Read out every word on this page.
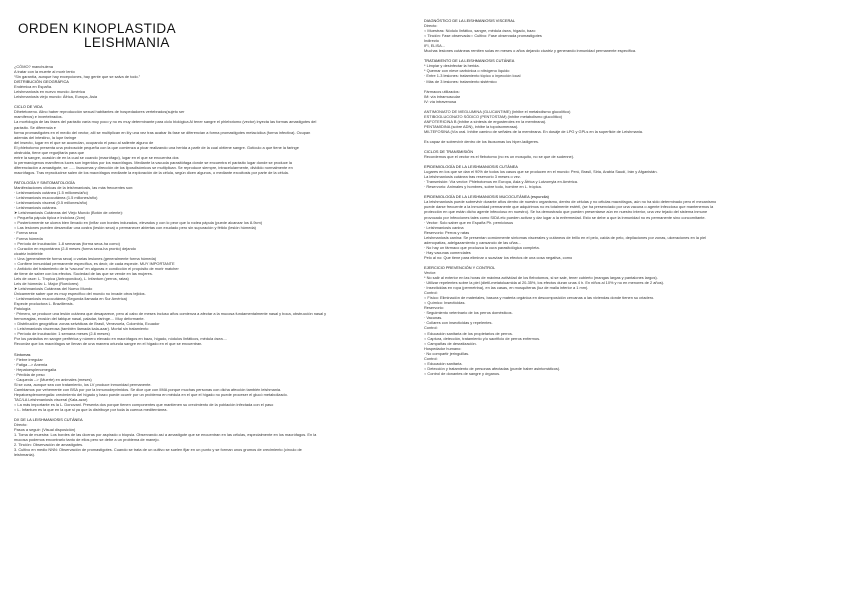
ORDEN KINOPLASTIDA
LEISHMANIA
¿CÓMO? manchulena
A tratar con la muerte al morir lento
“Sin garantía, aunque hay excepciones, hay gente que se salva de todo.”
DISTRIBUCIÓN GEOGRÁFICA
Endémica en España.
Leishmaniosis en nuevo mundo: América
Leishmaniosis viejo mundo: África, Europa, Asia
CICLO DE VIDA
Dihetetoxeno. Alino haber reproducción sexual habitantes de hospedadores vertebrados(sujeto ser
mamíferos) e invertebrados.
La morfología de las fases del parásito varía muy poco y no es muy determinante para ciclo biológica Al tener sangre el phlebotomo (vector) inyecta las formas amastigotes del
parásito. Se diferencia e
forma promastigotes en el medio del vector, allí se multiplican en ilíy una vez tras acabar lis fase se diferencian a forma promastigotes metacíclica (forma infectiva). Ocupan
además del intestino, la lupe faringe
del insecto, lugar en el que se acumulan, ocupando el paso al saliente alguno de
El phlebotomo presenta una proboscide pequeña con la que comienza a picar realizando una herida a partir de la cual obtiene sangre. Gotículo a que tiene la faringe
obstruida, tiene que regurjitarla para que
entre la sangre, ocasión de en la cual se cuando (macrófago), lugar en el que se encuentra dos
lo permanógenos mamíferos luces son ingeridos por los macrófagos. Mediante la vacuola parasitófaga donde se encuentra el parásito lugar donde se produce la
diferenciación a amastigote, se ...... lisosomas y dirección de los liposdisómicos se multiplican. Se reproduce siempre, intracelularmente, dividido normalmente en
macrófagos. Tras reproducirse salen de los macrófagos mediante la exploración de la célula, según dicen algunos, o mediante exocitosis por parte de la célula.
PATOLOGÍA Y SINTOMATOLOGÍA
Manifestaciones clínicas de la leishmaniosis, las más frecuentes son:
· Leishmaniosis cutánea (1.5 millones/año)
· Leishmaniosis mucocutánea (1.5 millones/año)
· Leishmaniosis visceral (0.5 millones/año)
· Leishmaniosis cutánea.
➤ Leishmaniosis Cutáneas del Viejo Mundo (Botón de oriente):
○ Pequeña pápula típica e indolora (2cm)
○ Posteriormente se ulcera bien llevado en (inflar con bordes indurados, elevados y con lo peor que lo rodea pápula (puede alcanzar los 8-9cm)
○ Las lesiones pueden desarrollar una costra (lesión seca) o permanecer abiertas con exudado pero sin supuración y fétido (lesión húmeda)
· Forma seca
· Forma húmeda
○ Período de incubación: 1-8 semanas (forma seca-ha como)
○ Curación en espontánea (2-8 meses (forma seca-ha pronto) dejando
cicatriz indeleble
○ Una (generalmente forma seca) o varias lesiones (generalmente forma húmeda)
○ Confiere inmunidad permanente específica, es decir, de cada especie. MUY IMPORTANTE
○ Antídoto del tratamiento de la “vacuna” en algunas e condicción el propósito de morir matcher
de tiene de saber con los efectos. Sociedad de las que se vende en las mujeres.
Leis de osce: L. Tropica (Antroponóica), L. Infantum (perros, ratas)
Leis de húmeda: L. Major (Roedores)
➤ Leishmaniosis Cutáneas del Nuevo Mundo
Únicamente saber que es muy específico del mundo no invade otros tejidos.
· Leishmaniosis mucocutánea (Segunda llamada en Sur América)
Especie productora L. Braziliensis.
Patología
· Primero, se produce una lesión cutánea que desaparece, pero al cabo de meses incluso años comienza a afectar a la mucosa fundamentalmente nasal y boca, obstrucción nasal y
hemorragias, erosión del tabique nasal, paladar, faringe.... Muy deformante.
○ Distribución geográfica: zonas selváticas de Brasil, Venezuela, Colombia, Ecuador
○ Leishmaniosis viscerosa (también llamada kala-azar). Mortal sin tratamiento
○ Período de incubación: 1 semana meses (2-6 meses)
Por los parásitos en sangre periférica y número elevado en macrófagos en bazo, hígado, nódulos linfáticos, médula ósea....
Recordar que los macrófagos se llenan de una manera oriunda sangre en el hígado en el que se encuentran.
Síntomas
· Fiebre irregular
· Fatiga --> Anemia
· Hepatoesplenomegalia
· Pérdida de peso
· Caquexia --> (Muerte) en animales (meses)
Si se cura, aunque sea con tratamiento, los LV produce inmunidad permanente.
Cambiamos por vehemente con BSA por por la inmunodeprimidos. Se dice que con IIMA porque muchas personas con dicha afección también leishmania.
Hepatoesplenomegalia: crecimiento del hígado y bazo puede ocurrir por un problema en médula en el que el hígado no puede proceser el glucó metabolizado.
TAC/LA Leishmaniosis visceral (Kala-azar)
○ La más importante es la L. Donovani. Presenta dos porque tienen componentes que mantienen su crecimiento de la población infectada con el paso
○ L. Infantum es la que en la que si ya que la distribuye por toda la cuenca mediterránea.
DX DE LA LEISHMANIOSIS CUTÁNEA
Directo:
Pasos a seguir: (Visual disposición)
1. Toma de muestra: Los bordes de las úlceras por aspirado o biopsia. Observando así a amastigote que se encuentran en las células, especialmente en los macrófagos. En la
mucosa podemos encontrarlo tanto de ellos pero se debe a un problema de manejo.
2. Tinción: Observación de amastigotes.
3. Cultivo en medio NNN: Observación de promastigotes. Cuando se trata de un cultivo se suelen fijar en un punto y se forman unos grumos de crecimiento (círculo de
leishmania).
DIAGNÓSTICO DE LA LEISHMANIOSIS VISCERAL
Directo:
○ Muestras: Nódulo linfático, sangre, médula ósea, hígado, bazo
○ Tinción: Fase observada:○ Cultivo: Fase observada promastigotes
Indirecto
IFI, ELISA...
Muchas lesiones cutáneas remiten solas en meses o años dejando cicatriz y generando inmunidad permanente específica.
TRATAMIENTO DE LA LEISHMANIOSIS CUTÁNEA
* Limpiar y desinfectar la herida.
* Quemar con nieve carbónica o nitrógeno líquido
· Entre 1-3 lesiones: tratamiento tópico o inyección local
· Más de 3 lesiones: tratamiento sistémico
Fármacos utilizados:
IM: vía intramuscular
IV: vía intravenosa
ANTIMONIATO DE MEGLUMINA (GLUCANTIME) (inhibe el metabolismo glucolítico)
ESTIBOGLUCONATO SÓDICO (PENTOSTAM) (inhibe metabolismo glucolítico)
ANFOTERICINA B (inhibe a síntesis de ergosteroles en la membrana).
PENTAMIDINA (sobre ADN), inhibe la topoisomerasa).
MILTEFOSINA (Vía oral. Inhibe camino de señales de la membrana. En dosáje de LPG y GPLs en la superficie de Leishmania.
Es capaz de sobrevivir dentro de los lisosomas los hiper-ladigeres.
CICLOS DE TRANSMISIÓN
Recordemos que el vector es el flebotomo (no es un mosquito, no se que de sudenne).
EPIDEMIOLOGÍA DE LA LEISHMANIOSIS CUTÁNEA
Lugares en los que se dan el 90% de todos los casos que se producen en el mundo: Perú, Brasil, Siria, Arabia Saudí, Irán y Afganistán.
La leishmaniosis cutánea tras reservorio 3 meses o vez.
· Transmisión: Vía vector: Phlebotomus en Europa, Asia y África y Lutzomyia en América.
· Reservorio: Animales y hombres, sobre todo, hombre en L. trópica.
EPIDEMIOLOGÍA DE LA LEISHMANIOSIS MUCOCUTÁNEA (espundia)
La leishmaniosis puede sobrevivir durante años dentro de nuestro organismo, dentro de células y no células macrófagos, aún no ha sido determinado pero el mecanismo
puede darse frecuente a la inmunidad permanente que adquirimos no es totalmente estéril, (se ha presenciado por una vacuna o agente infeccioso que mantenemos la
protección en que están dicho agente infeccioso en nuestro). Se ha demostrado que pueden presentarse aún en nuestro interior, una vez tejado del sistema inmune
provocado por infecciones tales como SIDA etc pueden activar y dar lugar a la enfermedad. Esto se debe a que la inmunidad no es permanente sino concomitante.
· Vector: Solo saber que en España Ph. perniciosus
· Leishmaniosis canina
Reservorio: Perros y ratas
Leishmaniosis canina: Se presentan comúnmente síntomas viscerales y cutáneos de brillo en el pelo, caída de pelo, depilaciones por zonas, ulceraciones en la piel
adenopatías, adelgazamiento y cansancio de las uñas...
· No hay un fármaco que produzca la cura parasitológica completa.
· Hay vacunas comerciales
Pelo al no: Que tiene para eliminar o suavizar los efectos de una cosa negativa, como
EJERCICIO PREVENCIÓN Y CONTROL
Vector:
* No salir al exterior en las horas de máxima actividad de los flebotomos, si se sale, tener cubierto (mangas largas y pantalones largos).
· Utilizar repelentes sobre la piel (dietil-metatoluamida al 20-35%, los efectos duran unas 4 h. En niños al 10% y no en menores de 2 años).
· Insecticidas en ropa (permetrina), en las casas, en mosquiteras (luz de malla inferior a 1 mm).
Control:
○ Físico: Eliminación de materiales, basura y materia orgánica en descomposición cercanas a las viviendas donde tienen su criadero.
○ Químico: Insecticidas.
Reservorio:
· Seguimiento veterinario de los perros domésticos.
· Vacunas.
· Collares con insecticidas y repelentes.
Control:
○ Educación sanitaria de los propietarios de perros.
○ Captura, detección, tratamiento y/o sacrificio de perros enfermos.
○ Campañas de desratización.
Hospedador humano:
· No compartir jeringuillas.
Control:
○ Educación sanitaria.
○ Detección y tratamiento de personas afectadas (puede haber asintomáticos).
○ Control de donantes de sangre y órganos.
